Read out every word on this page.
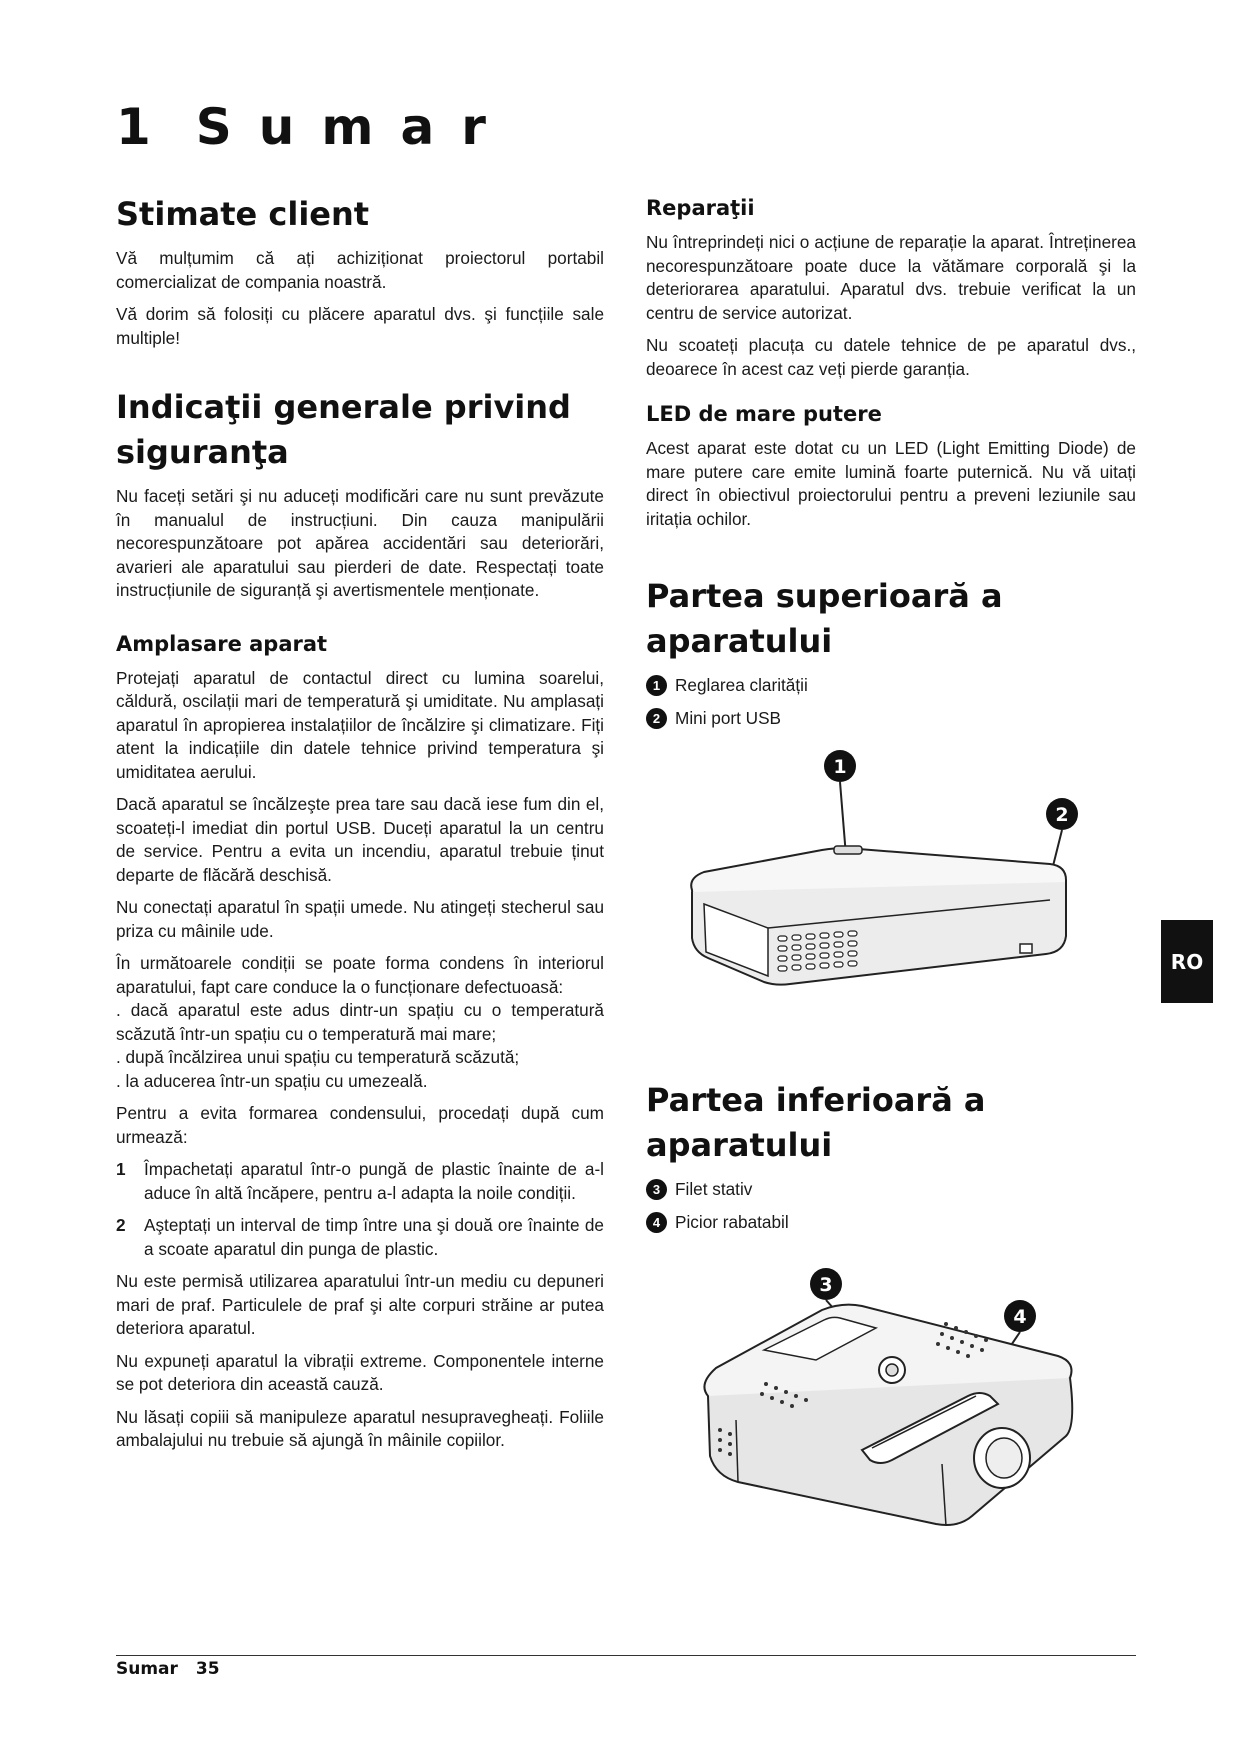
1 Sumar
Stimate client

Vă mulțumim că ați achiziționat proiectorul portabil comercializat de compania noastră.

Vă dorim să folosiți cu plăcere aparatul dvs. şi funcțiile sale multiple!

Indicaţii generale privind siguranţa

Nu faceți setări şi nu aduceți modificări care nu sunt prevăzute în manualul de instrucțiuni. Din cauza manipulării necorespunzătoare pot apărea accidentări sau deteriorări, avarieri ale aparatului sau pierderi de date. Respectați toate instrucțiunile de siguranță şi avertismentele menționate.

Amplasare aparat

Protejați aparatul de contactul direct cu lumina soarelui, căldură, oscilații mari de temperatură şi umiditate. Nu amplasați aparatul în apropierea instalațiilor de încălzire şi climatizare. Fiți atent la indicațiile din datele tehnice privind temperatura şi umiditatea aerului.

Dacă aparatul se încălzeşte prea tare sau dacă iese fum din el, scoateți-l imediat din portul USB. Duceți aparatul la un centru de service. Pentru a evita un incendiu, aparatul trebuie ținut departe de flăcără deschisă.

Nu conectați aparatul în spații umede. Nu atingeți stecherul sau priza cu mâinile ude.

În următoarele condiții se poate forma condens în interiorul aparatului, fapt care conduce la o funcționare defectuoasă:

. dacă aparatul este adus dintr-un spațiu cu o temperatură scăzută într-un spațiu cu o temperatură mai mare;

. după încălzirea unui spațiu cu temperatură scăzută;

. la aducerea într-un spațiu cu umezeală.

Pentru a evita formarea condensului, procedați după cum urmează:

1 Împachetați aparatul într-o pungă de plastic înainte de a-l aduce în altă încăpere, pentru a-l adapta la noile condiții.

2 Aşteptați un interval de timp între una şi două ore înainte de a scoate aparatul din punga de plastic.

Nu este permisă utilizarea aparatului într-un mediu cu depuneri mari de praf. Particulele de praf şi alte corpuri străine ar putea deteriora aparatul.

Nu expuneți aparatul la vibrații extreme. Componentele interne se pot deteriora din această cauză.

Nu lăsați copiii să manipuleze aparatul nesupravegheați. Foliile ambalajului nu trebuie să ajungă în mâinile copiilor.

Reparaţii

Nu întreprindeți nici o acțiune de reparație la aparat. Întreținerea necorespunzătoare poate duce la vătămare corporală şi la deteriorarea aparatului. Aparatul dvs. trebuie verificat la un centru de service autorizat.

Nu scoateți placuța cu datele tehnice de pe aparatul dvs., deoarece în acest caz veți pierde garanția.

LED de mare putere

Acest aparat este dotat cu un LED (Light Emitting Diode) de mare putere care emite lumină foarte puternică. Nu vă uitați direct în obiectivul proiectorului pentru a preveni leziunile sau iritația ochilor.

Partea superioară a aparatului
1 Reglarea clarității
2 Mini port USB
1
2
Partea inferioară a aparatului
3 Filet stativ
4 Picior rabatabil
3
4
RO
Sumar 35
